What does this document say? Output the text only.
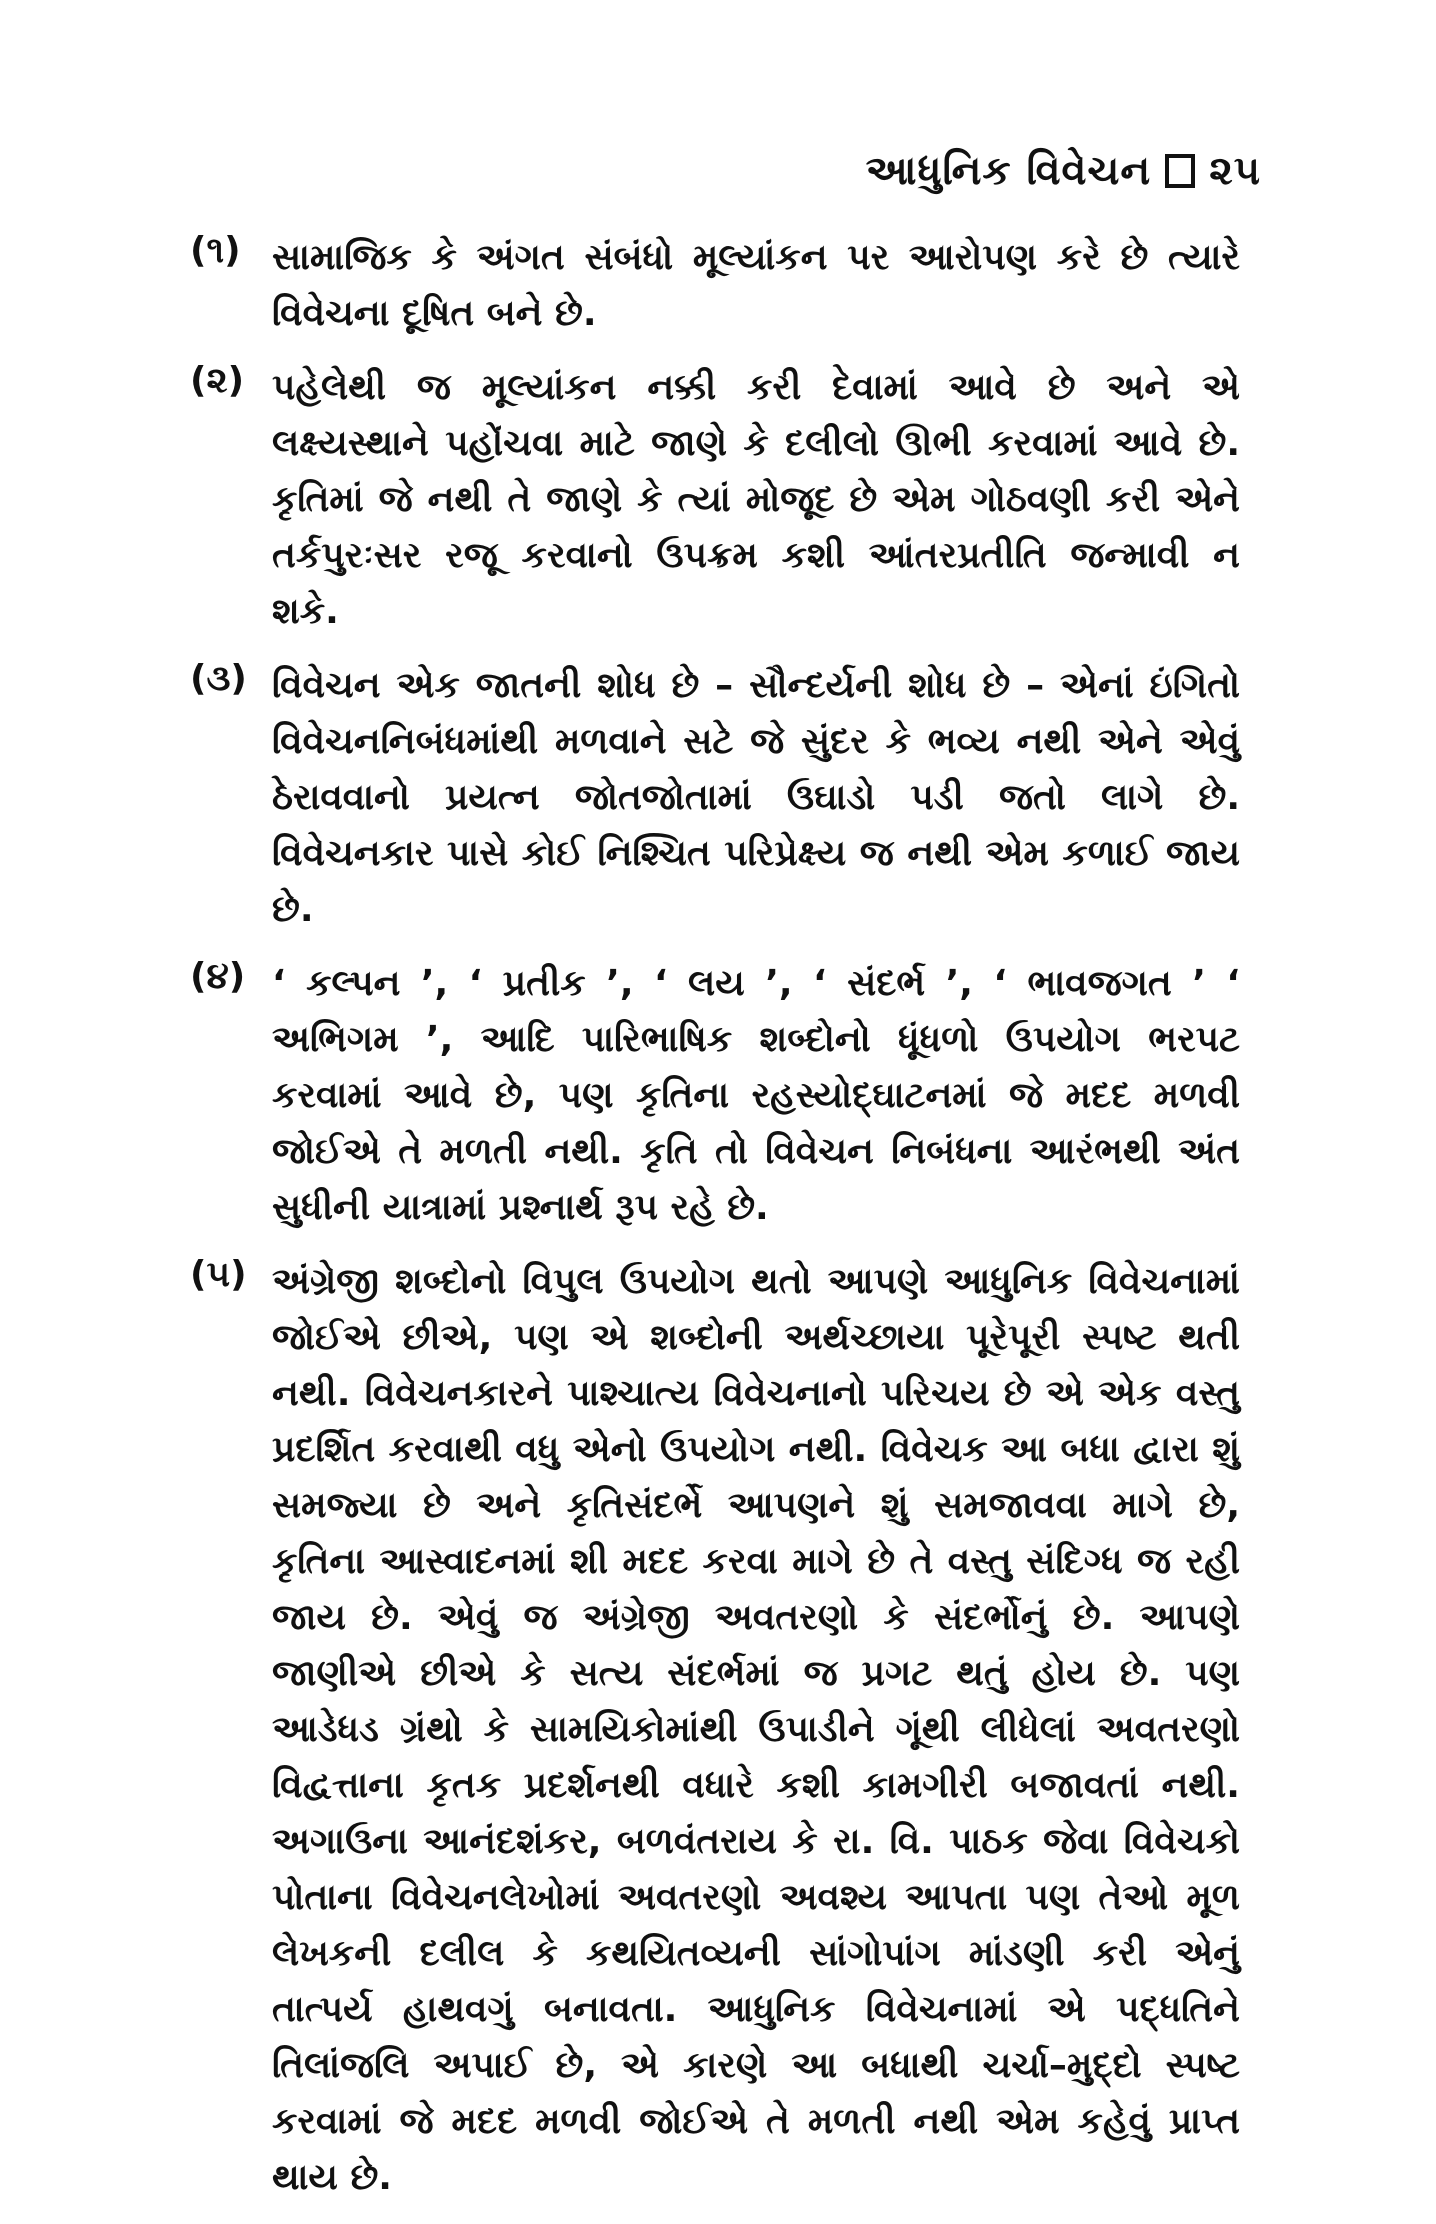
આધુનિક વિવેચન ૨૫
(૧) સામાજિક કે અંગત સંબંધો મૂલ્યાંકન પર આરોપણ કરે છે ત્યારે વિવેચના દૂષિત બને છે.
(૨) પહેલેથી જ મૂલ્યાંકન નક્કી કરી દેવામાં આવે છે અને એ લક્ષ્યસ્થાને પહોંચવા માટે જાણે કે દલીલો ઊભી કરવામાં આવે છે. કૃતિમાં જે નથી તે જાણે કે ત્યાં મોજૂદ છે એમ ગોઠવણી કરી એને તર્કપુરઃસર રજૂ કરવાનો ઉપક્રમ કશી આંતરપ્રતીતિ જન્માવી ન શકે.
(૩) વિવેચન એક જાતની શોધ છે – સૌન્દર્યની શોધ છે – એનાં ઇંગિતો વિવેચનનિબંધમાંથી મળવાને સટે જે સુંદર કે ભવ્ય નથી એને એવું ઠેરાવવાનો પ્રયત્ન જોતજોતામાં ઉઘાડો પડી જતો લાગે છે. વિવેચનકાર પાસે કોઈ નિશ્ચિત પરિપ્રેક્ષ્ય જ નથી એમ કળાઈ જાય છે.
(૪) ‘ કલ્પન ’, ‘ પ્રતીક ’, ‘ લય ’, ‘ સંદર્ભ ’, ‘ ભાવજગત ’ ‘ અભિગમ ’, આદિ પારિભાષિક શબ્દોનો ધૂંધળો ઉપયોગ ભરપટ કરવામાં આવે છે, પણ કૃતિના રહસ્યોદ્ઘાટનમાં જે મદદ મળવી જોઈએ તે મળતી નથી. કૃતિ તો વિવેચન નિબંધના આરંભથી અંત સુધીની યાત્રામાં પ્રશ્નાર્થ રૂપ રહે છે.
(૫) અંગ્રેજી શબ્દોનો વિપુલ ઉપયોગ થતો આપણે આધુનિક વિવેચનામાં જોઈએ છીએ, પણ એ શબ્દોની અર્થચ્છાયા પૂરેપૂરી સ્પષ્ટ થતી નથી. વિવેચનકારને પાશ્ચાત્ય વિવેચનાનો પરિચય છે એ એક વસ્તુ પ્રદર્શિત કરવાથી વધુ એનો ઉપયોગ નથી. વિવેચક આ બધા દ્વારા શું સમજ્યા છે અને કૃતિસંદર્ભે આપણને શું સમજાવવા માગે છે, કૃતિના આસ્વાદનમાં શી મદદ કરવા માગે છે તે વસ્તુ સંદિગ્ધ જ રહી જાય છે. એવું જ અંગ્રેજી અવતરણો કે સંદર્ભોનું છે. આપણે જાણીએ છીએ કે સત્ય સંદર્ભમાં જ પ્રગટ થતું હોય છે. પણ આડેધડ ગ્રંથો કે સામયિકોમાંથી ઉપાડીને ગૂંથી લીધેલાં અવતરણો વિદ્વત્તાના કૃતક પ્રદર્શનથી વધારે કશી કામગીરી બજાવતાં નથી. અગાઉના આનંદશંકર, બળવંતરાય કે રા. વિ. પાઠક જેવા વિવેચકો પોતાના વિવેચનલેખોમાં અવતરણો અવશ્ય આપતા પણ તેઓ મૂળ લેખકની દલીલ કે કથયિતવ્યની સાંગોપાંગ માંડણી કરી એનું તાત્પર્ય હાથવગું બનાવતા. આધુનિક વિવેચનામાં એ પદ્ધતિને તિલાંજલિ અપાઈ છે, એ કારણે આ બધાથી ચર્ચા–મુદ્દો સ્પષ્ટ કરવામાં જે મદદ મળવી જોઈએ તે મળતી નથી એમ કહેવું પ્રાપ્ત થાય છે.
